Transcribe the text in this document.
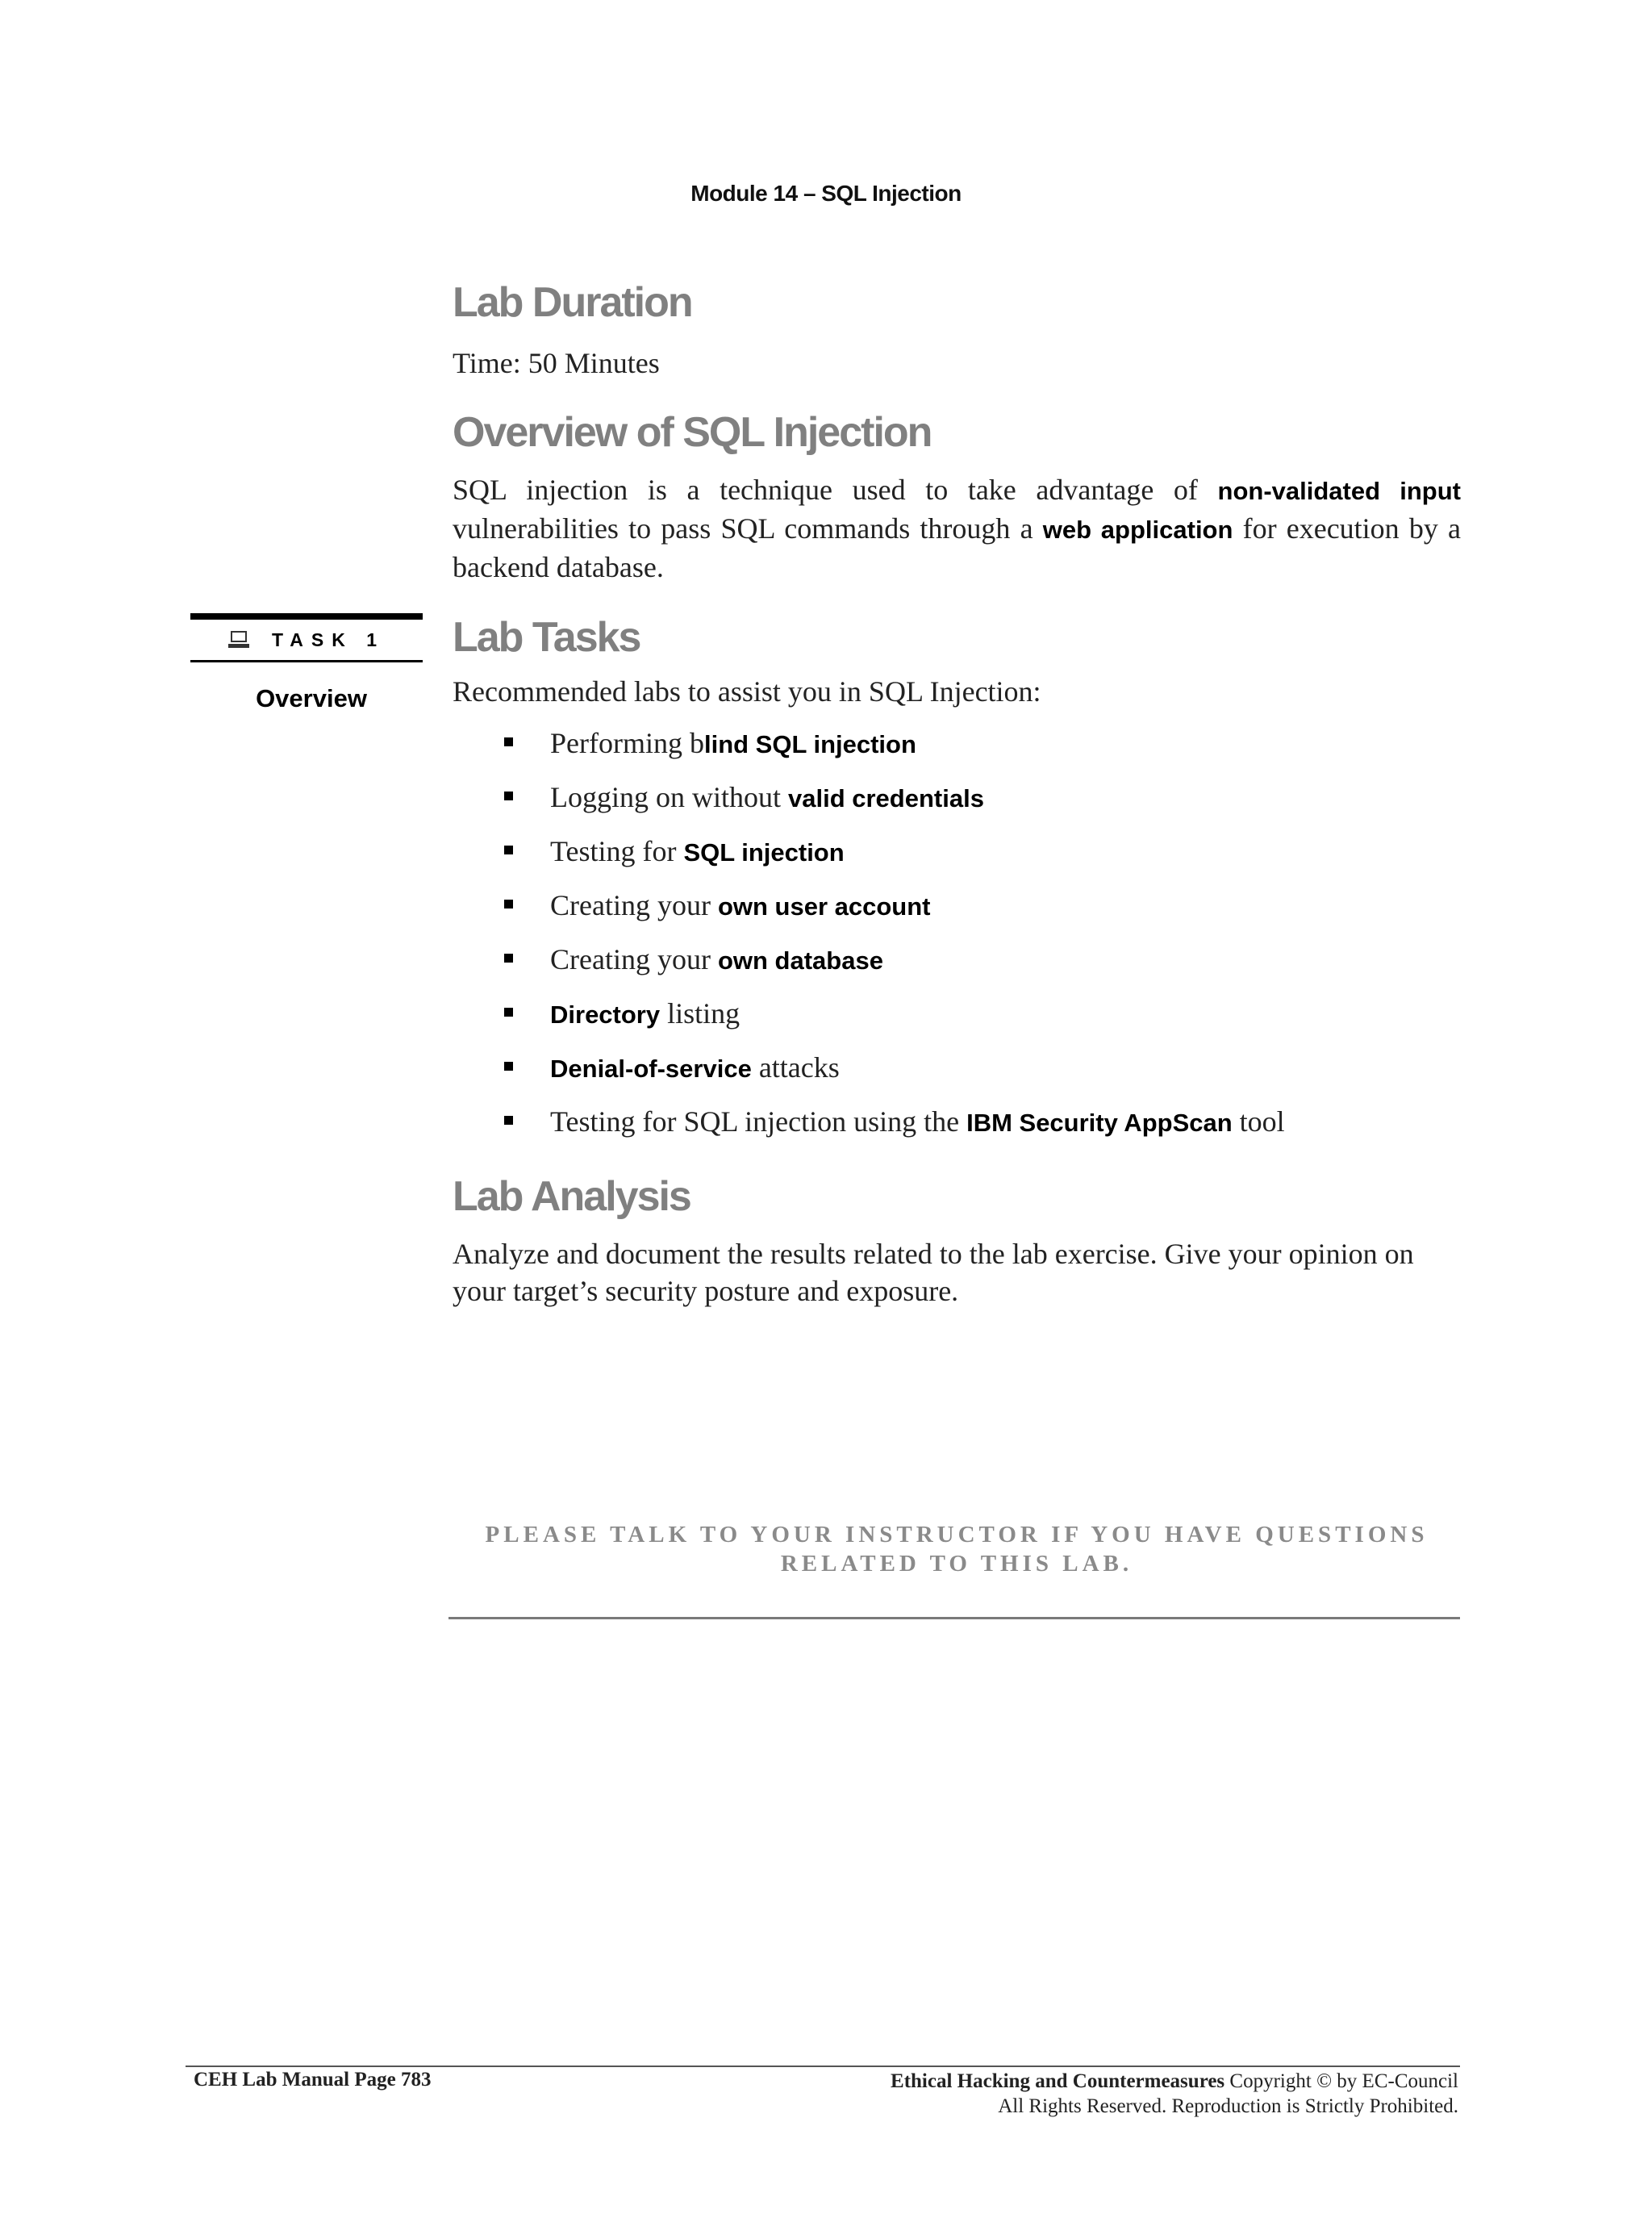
Module 14 – SQL Injection
Lab Duration

Time: 50 Minutes

Overview of SQL Injection

SQL injection is a technique used to take advantage of non-validated input vulnerabilities to pass SQL commands through a web application for execution by a backend database.

TASK 1
Overview
Lab Tasks

Recommended labs to assist you in SQL Injection:

Performing blind SQL injection
Logging on without valid credentials
Testing for SQL injection
Creating your own user account
Creating your own database
Directory listing
Denial-of-service attacks
Testing for SQL injection using the IBM Security AppScan tool
Lab Analysis

Analyze and document the results related to the lab exercise. Give your opinion on your target’s security posture and exposure.

PLEASE TALK TO YOUR INSTRUCTOR IF YOU HAVE QUESTIONS
RELATED TO THIS LAB.
CEH Lab Manual Page 783	Ethical Hacking and Countermeasures Copyright © by EC-Council
All Rights Reserved. Reproduction is Strictly Prohibited.
